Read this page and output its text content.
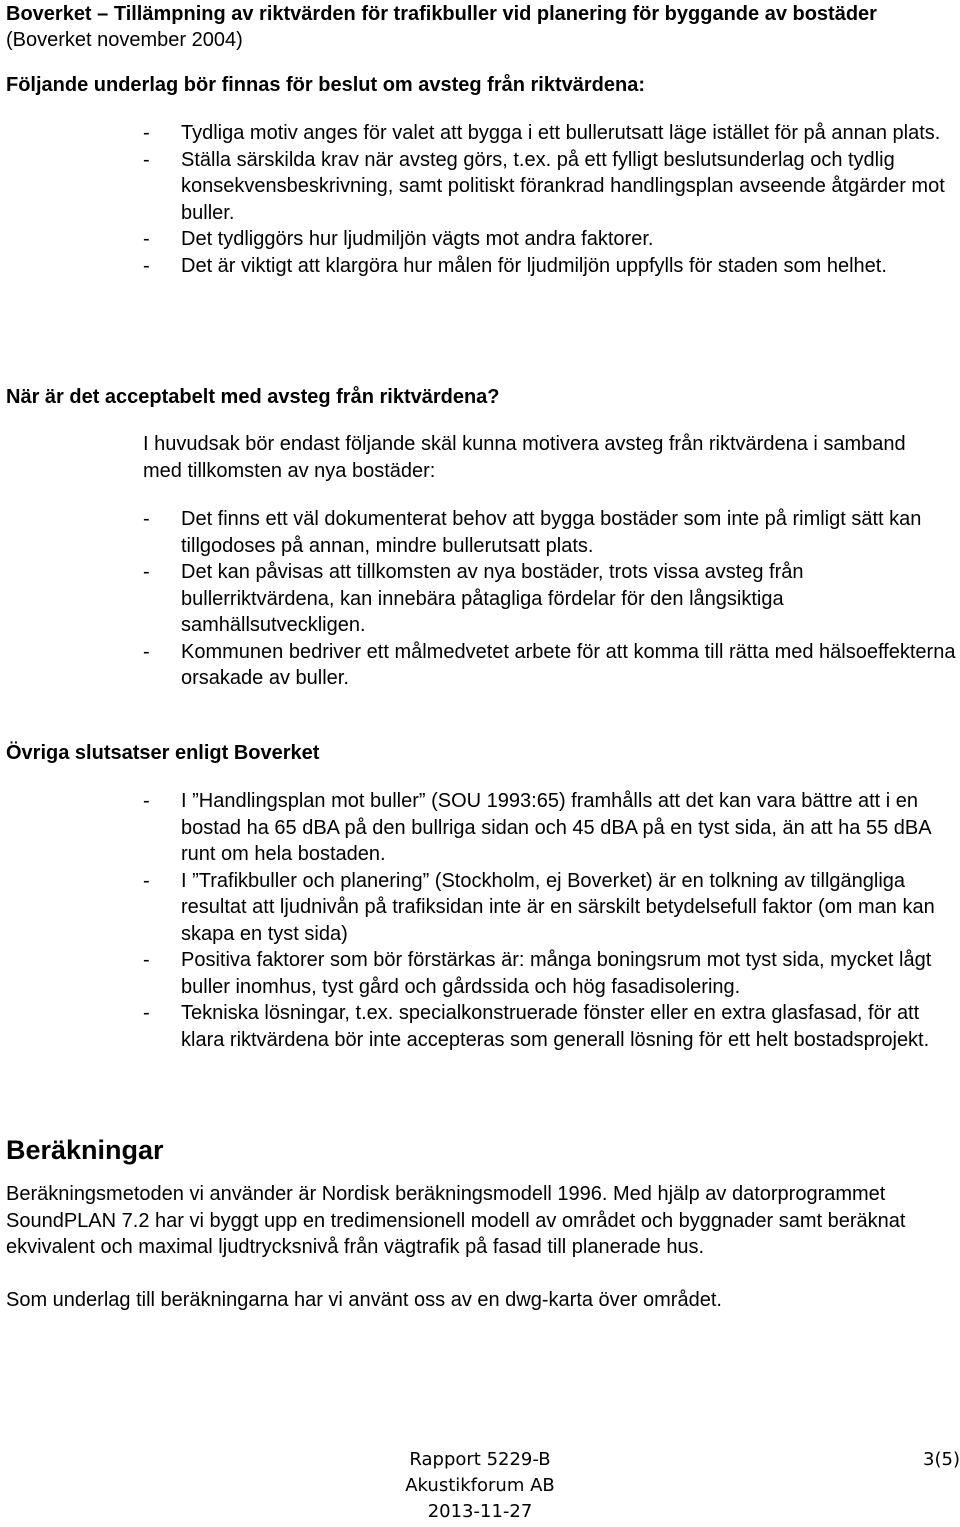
Boverket – Tillämpning av riktvärden för trafikbuller vid planering för byggande av bostäder (Boverket november 2004)
Följande underlag bör finnas för beslut om avsteg från riktvärdena:
- Tydliga motiv anges för valet att bygga i ett bullerutsatt läge istället för på annan plats.
- Ställa särskilda krav när avsteg görs, t.ex. på ett fylligt beslutsunderlag och tydlig konsekvensbeskrivning, samt politiskt förankrad handlingsplan avseende åtgärder mot buller.
- Det tydliggörs hur ljudmiljön vägts mot andra faktorer.
- Det är viktigt att klargöra hur målen för ljudmiljön uppfylls för staden som helhet.
När är det acceptabelt med avsteg från riktvärdena?

I huvudsak bör endast följande skäl kunna motivera avsteg från riktvärdena i samband med tillkomsten av nya bostäder:

- Det finns ett väl dokumenterat behov att bygga bostäder som inte på rimligt sätt kan tillgodoses på annan, mindre bullerutsatt plats.
- Det kan påvisas att tillkomsten av nya bostäder, trots vissa avsteg från bullerriktvärdena, kan innebära påtagliga fördelar för den långsiktiga samhällsutveckligen.
- Kommunen bedriver ett målmedvetet arbete för att komma till rätta med hälsoeffekterna orsakade av buller.
Övriga slutsatser enligt Boverket
- I ”Handlingsplan mot buller” (SOU 1993:65) framhålls att det kan vara bättre att i en bostad ha 65 dBA på den bullriga sidan och 45 dBA på en tyst sida, än att ha 55 dBA runt om hela bostaden.
- I ”Trafikbuller och planering” (Stockholm, ej Boverket) är en tolkning av tillgängliga resultat att ljudnivån på trafiksidan inte är en särskilt betydelsefull faktor (om man kan skapa en tyst sida)
- Positiva faktorer som bör förstärkas är: många boningsrum mot tyst sida, mycket lågt buller inomhus, tyst gård och gårdssida och hög fasadisolering.
- Tekniska lösningar, t.ex. specialkonstruerade fönster eller en extra glasfasad, för att klara riktvärdena bör inte accepteras som generall lösning för ett helt bostadsprojekt.
Beräkningar

Beräkningsmetoden vi använder är Nordisk beräkningsmodell 1996. Med hjälp av datorprogrammet SoundPLAN 7.2 har vi byggt upp en tredimensionell modell av området och byggnader samt beräknat ekvivalent och maximal ljudtrycksnivå från vägtrafik på fasad till planerade hus.

Som underlag till beräkningarna har vi använt oss av en dwg-karta över området.

Rapport 5229-B
Akustikforum AB
2013-11-27
3(5)
